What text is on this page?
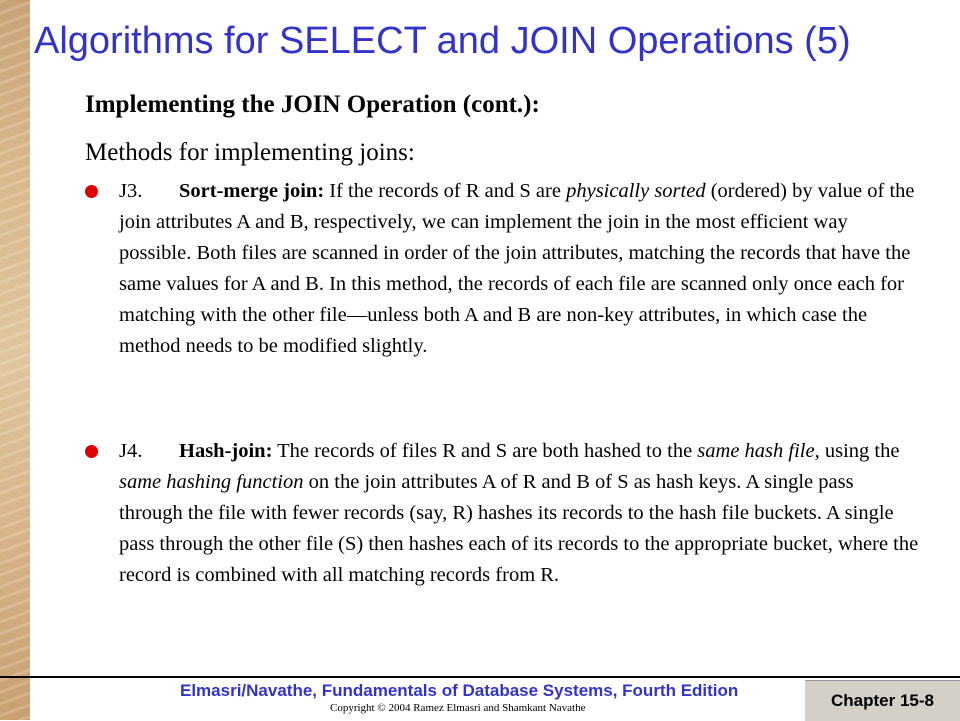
Algorithms for SELECT and JOIN Operations (5)
Implementing the JOIN Operation (cont.):
Methods for implementing joins:
J3. Sort-merge join: If the records of R and S are physically sorted (ordered) by value of the join attributes A and B, respectively, we can implement the join in the most efficient way possible. Both files are scanned in order of the join attributes, matching the records that have the same values for A and B. In this method, the records of each file are scanned only once each for matching with the other file—unless both A and B are non-key attributes, in which case the method needs to be modified slightly.
J4. Hash-join: The records of files R and S are both hashed to the same hash file, using the same hashing function on the join attributes A of R and B of S as hash keys. A single pass through the file with fewer records (say, R) hashes its records to the hash file buckets. A single pass through the other file (S) then hashes each of its records to the appropriate bucket, where the record is combined with all matching records from R.
Elmasri/Navathe, Fundamentals of Database Systems, Fourth Edition
Copyright © 2004 Ramez Elmasri and Shamkant Navathe	Chapter 15-8
